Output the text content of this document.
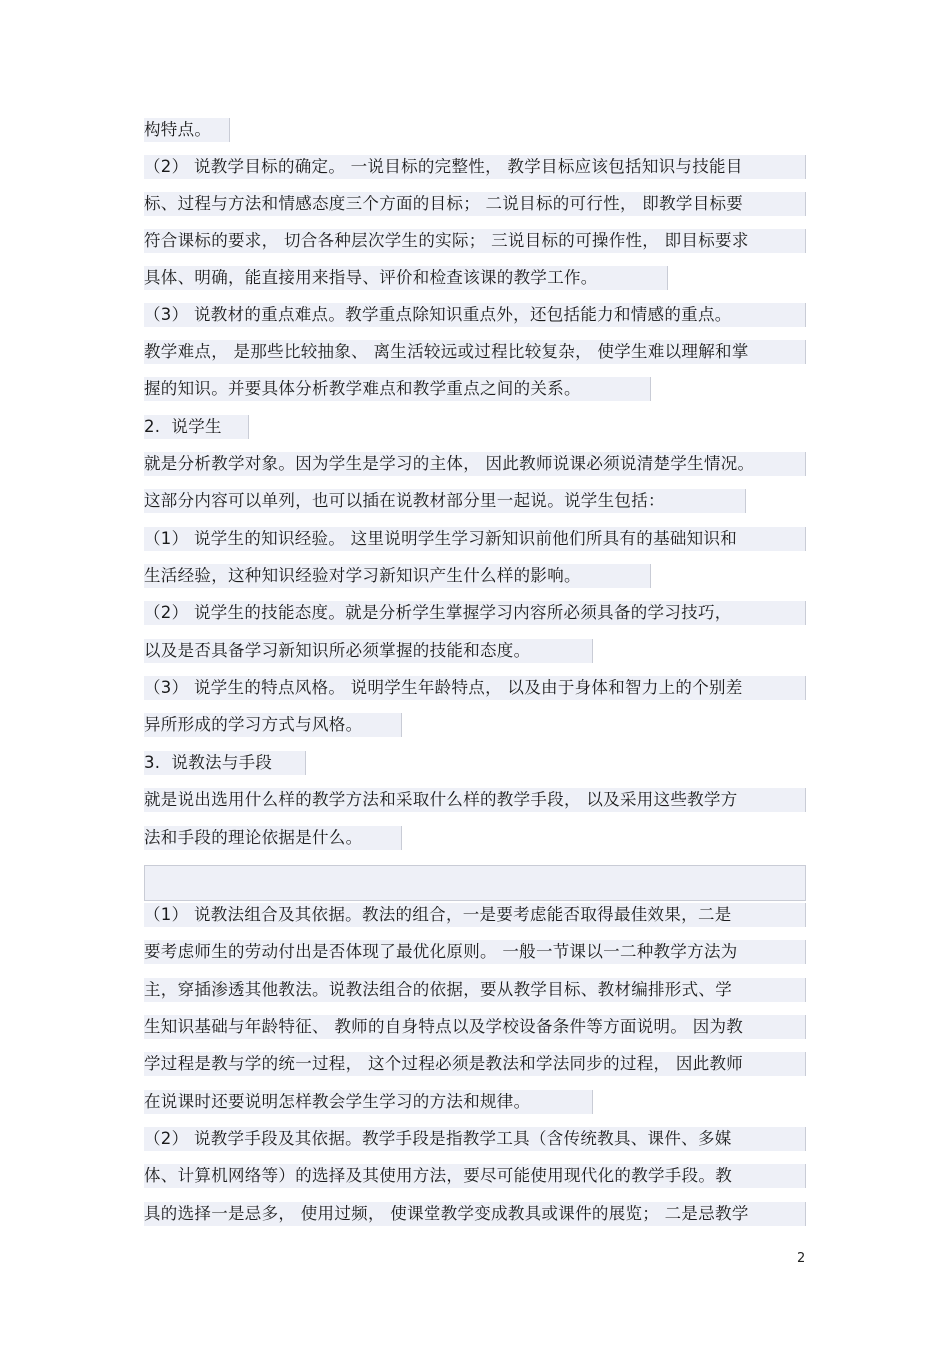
构特点。
（2） 说教学目标的确定。 一说目标的完整性， 教学目标应该包括知识与技能目
标、过程与方法和情感态度三个方面的目标； 二说目标的可行性， 即教学目标要
符合课标的要求， 切合各种层次学生的实际； 三说目标的可操作性， 即目标要求
具体、明确，能直接用来指导、评价和检查该课的教学工作。
（3） 说教材的重点难点。教学重点除知识重点外，还包括能力和情感的重点。
教学难点， 是那些比较抽象、 离生活较远或过程比较复杂， 使学生难以理解和掌
握的知识。并要具体分析教学难点和教学重点之间的关系。
2.  说学生
就是分析教学对象。因为学生是学习的主体， 因此教师说课必须说清楚学生情况。
这部分内容可以单列，也可以插在说教材部分里一起说。说学生包括：
（1） 说学生的知识经验。 这里说明学生学习新知识前他们所具有的基础知识和
生活经验，这种知识经验对学习新知识产生什么样的影响。
（2） 说学生的技能态度。就是分析学生掌握学习内容所必须具备的学习技巧，
以及是否具备学习新知识所必须掌握的技能和态度。
（3） 说学生的特点风格。 说明学生年龄特点， 以及由于身体和智力上的个别差
异所形成的学习方式与风格。
3.  说教法与手段
就是说出选用什么样的教学方法和采取什么样的教学手段， 以及采用这些教学方
法和手段的理论依据是什么。
（1） 说教法组合及其依据。教法的组合，一是要考虑能否取得最佳效果，二是
要考虑师生的劳动付出是否体现了最优化原则。 一般一节课以一二种教学方法为
主，穿插渗透其他教法。说教法组合的依据，要从教学目标、教材编排形式、学
生知识基础与年龄特征、 教师的自身特点以及学校设备条件等方面说明。 因为教
学过程是教与学的统一过程， 这个过程必须是教法和学法同步的过程， 因此教师
在说课时还要说明怎样教会学生学习的方法和规律。
（2） 说教学手段及其依据。教学手段是指教学工具（含传统教具、课件、多媒
体、计算机网络等）的选择及其使用方法，要尽可能使用现代化的教学手段。教
具的选择一是忌多， 使用过频， 使课堂教学变成教具或课件的展览； 二是忌教学
2
